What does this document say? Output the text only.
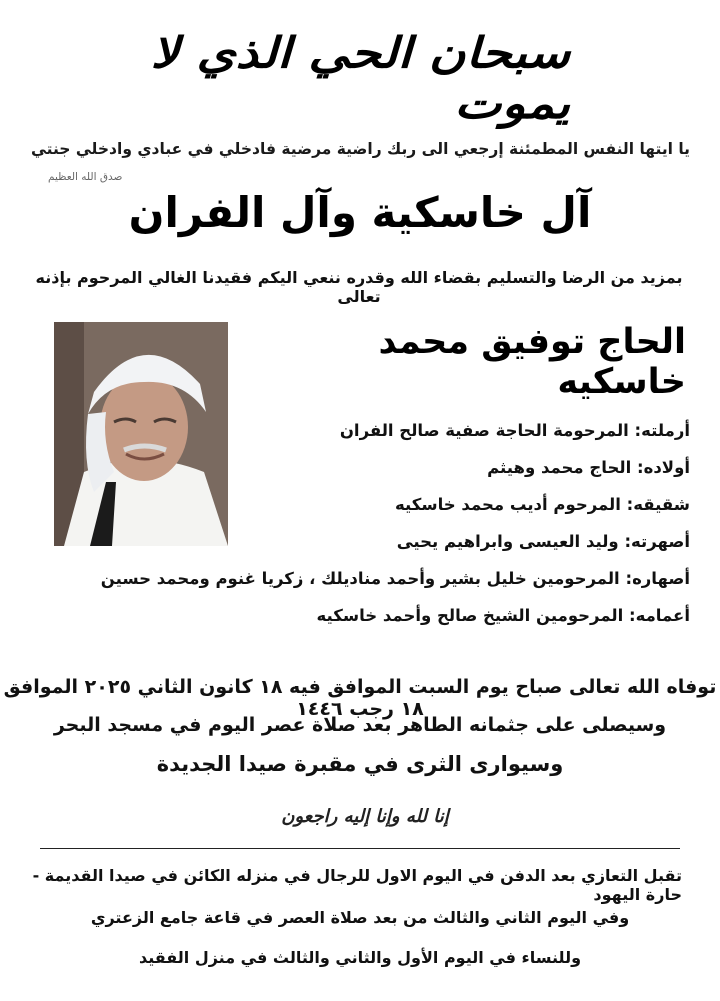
سبحان الحي الذي لا يموت
يا ايتها النفس المطمئنة إرجعي الى ربك راضية مرضية فادخلي في عبادي وادخلي جنتي
صدق الله العظيم
آل خاسكية وآل الفران
بمزيد من الرضا والتسليم بقضاء الله وقدره ننعي اليكم فقيدنا الغالي المرحوم بإذنه تعالى
الحاج توفيق محمد خاسكيه
أرملته: المرحومة الحاجة صفية صالح الفران
أولاده: الحاج محمد وهيثم
شقيقه: المرحوم أديب محمد خاسكيه
أصهرته: وليد العيسى وابراهيم يحيى
أصهاره: المرحومين خليل بشير وأحمد مناديلك ، زكريا غنوم ومحمد حسين
أعمامه: المرحومين الشيخ صالح وأحمد خاسكيه
توفاه الله تعالى صباح يوم السبت الموافق فيه ١٨ كانون الثاني ٢٠٢٥ الموافق ١٨ رجب ١٤٤٦
وسيصلى على جثمانه الطاهر بعد صلاة عصر اليوم في مسجد البحر
وسيوارى الثرى في مقبرة صيدا الجديدة
إنا لله وإنا إليه راجعون
تقبل التعازي بعد الدفن في اليوم الاول للرجال في منزله الكائن في صيدا القديمة - حارة اليهود
وفي اليوم الثاني والثالث من بعد صلاة العصر في قاعة جامع الزعتري
وللنساء في اليوم الأول والثاني والثالث في منزل الفقيد
